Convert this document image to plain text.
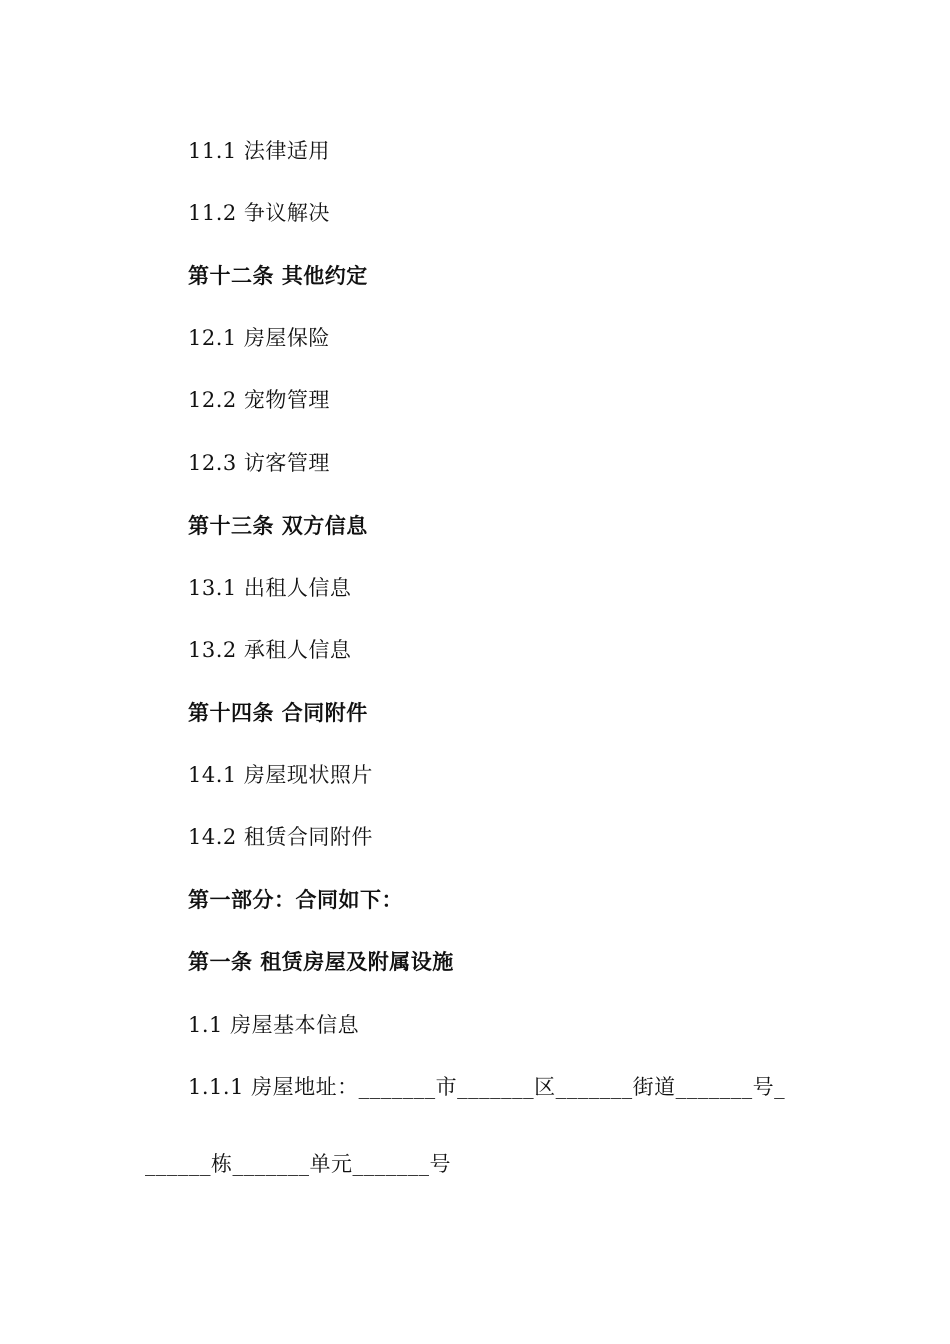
11.1 法律适用
11.2 争议解决
第十二条 其他约定
12.1 房屋保险
12.2 宠物管理
12.3 访客管理
第十三条 双方信息
13.1 出租人信息
13.2 承租人信息
第十四条 合同附件
14.1 房屋现状照片
14.2 租赁合同附件
第一部分：合同如下：
第一条 租赁房屋及附属设施
1.1 房屋基本信息
1.1.1 房屋地址：_______市_______区_______街道_______号_
______栋_______单元_______号
